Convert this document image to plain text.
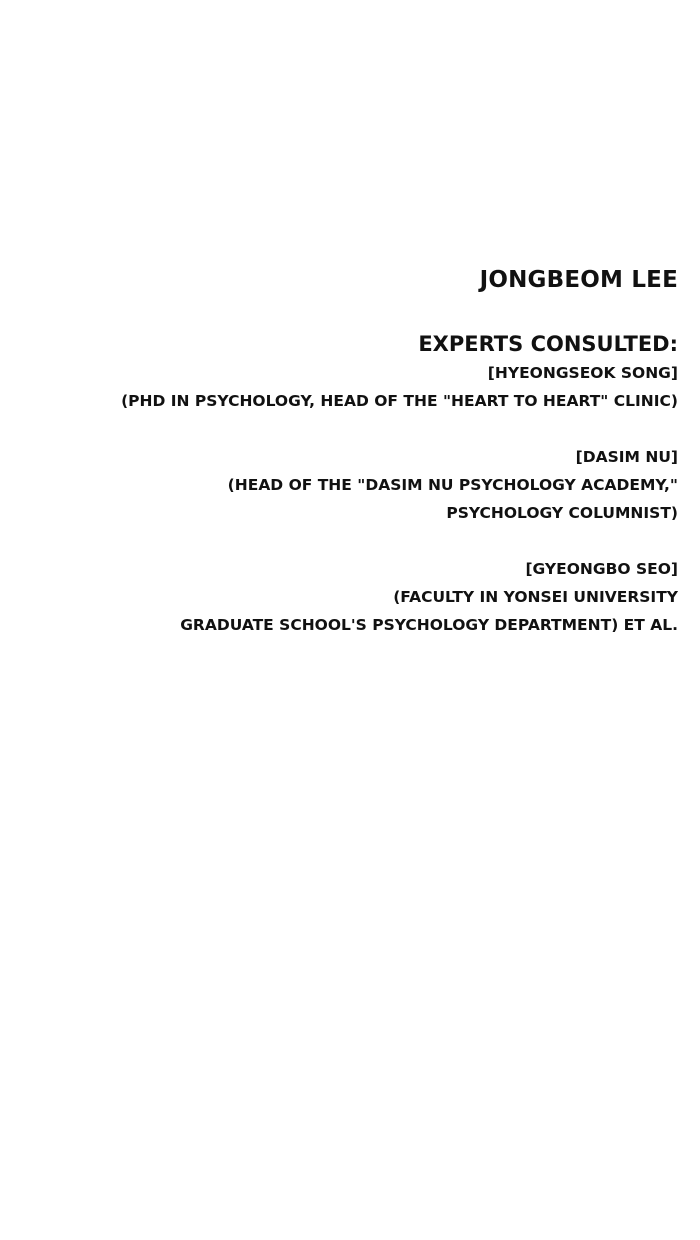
JONGBEOM LEE

EXPERTS CONSULTED:

[HYEONGSEOK SONG]
(PHD IN PSYCHOLOGY, HEAD OF THE "HEART TO HEART" CLINIC)
[DASIM NU]
(HEAD OF THE "DASIM NU PSYCHOLOGY ACADEMY,"
PSYCHOLOGY COLUMNIST)
[GYEONGBO SEO]
(FACULTY IN YONSEI UNIVERSITY
GRADUATE SCHOOL'S PSYCHOLOGY DEPARTMENT) ET AL.
